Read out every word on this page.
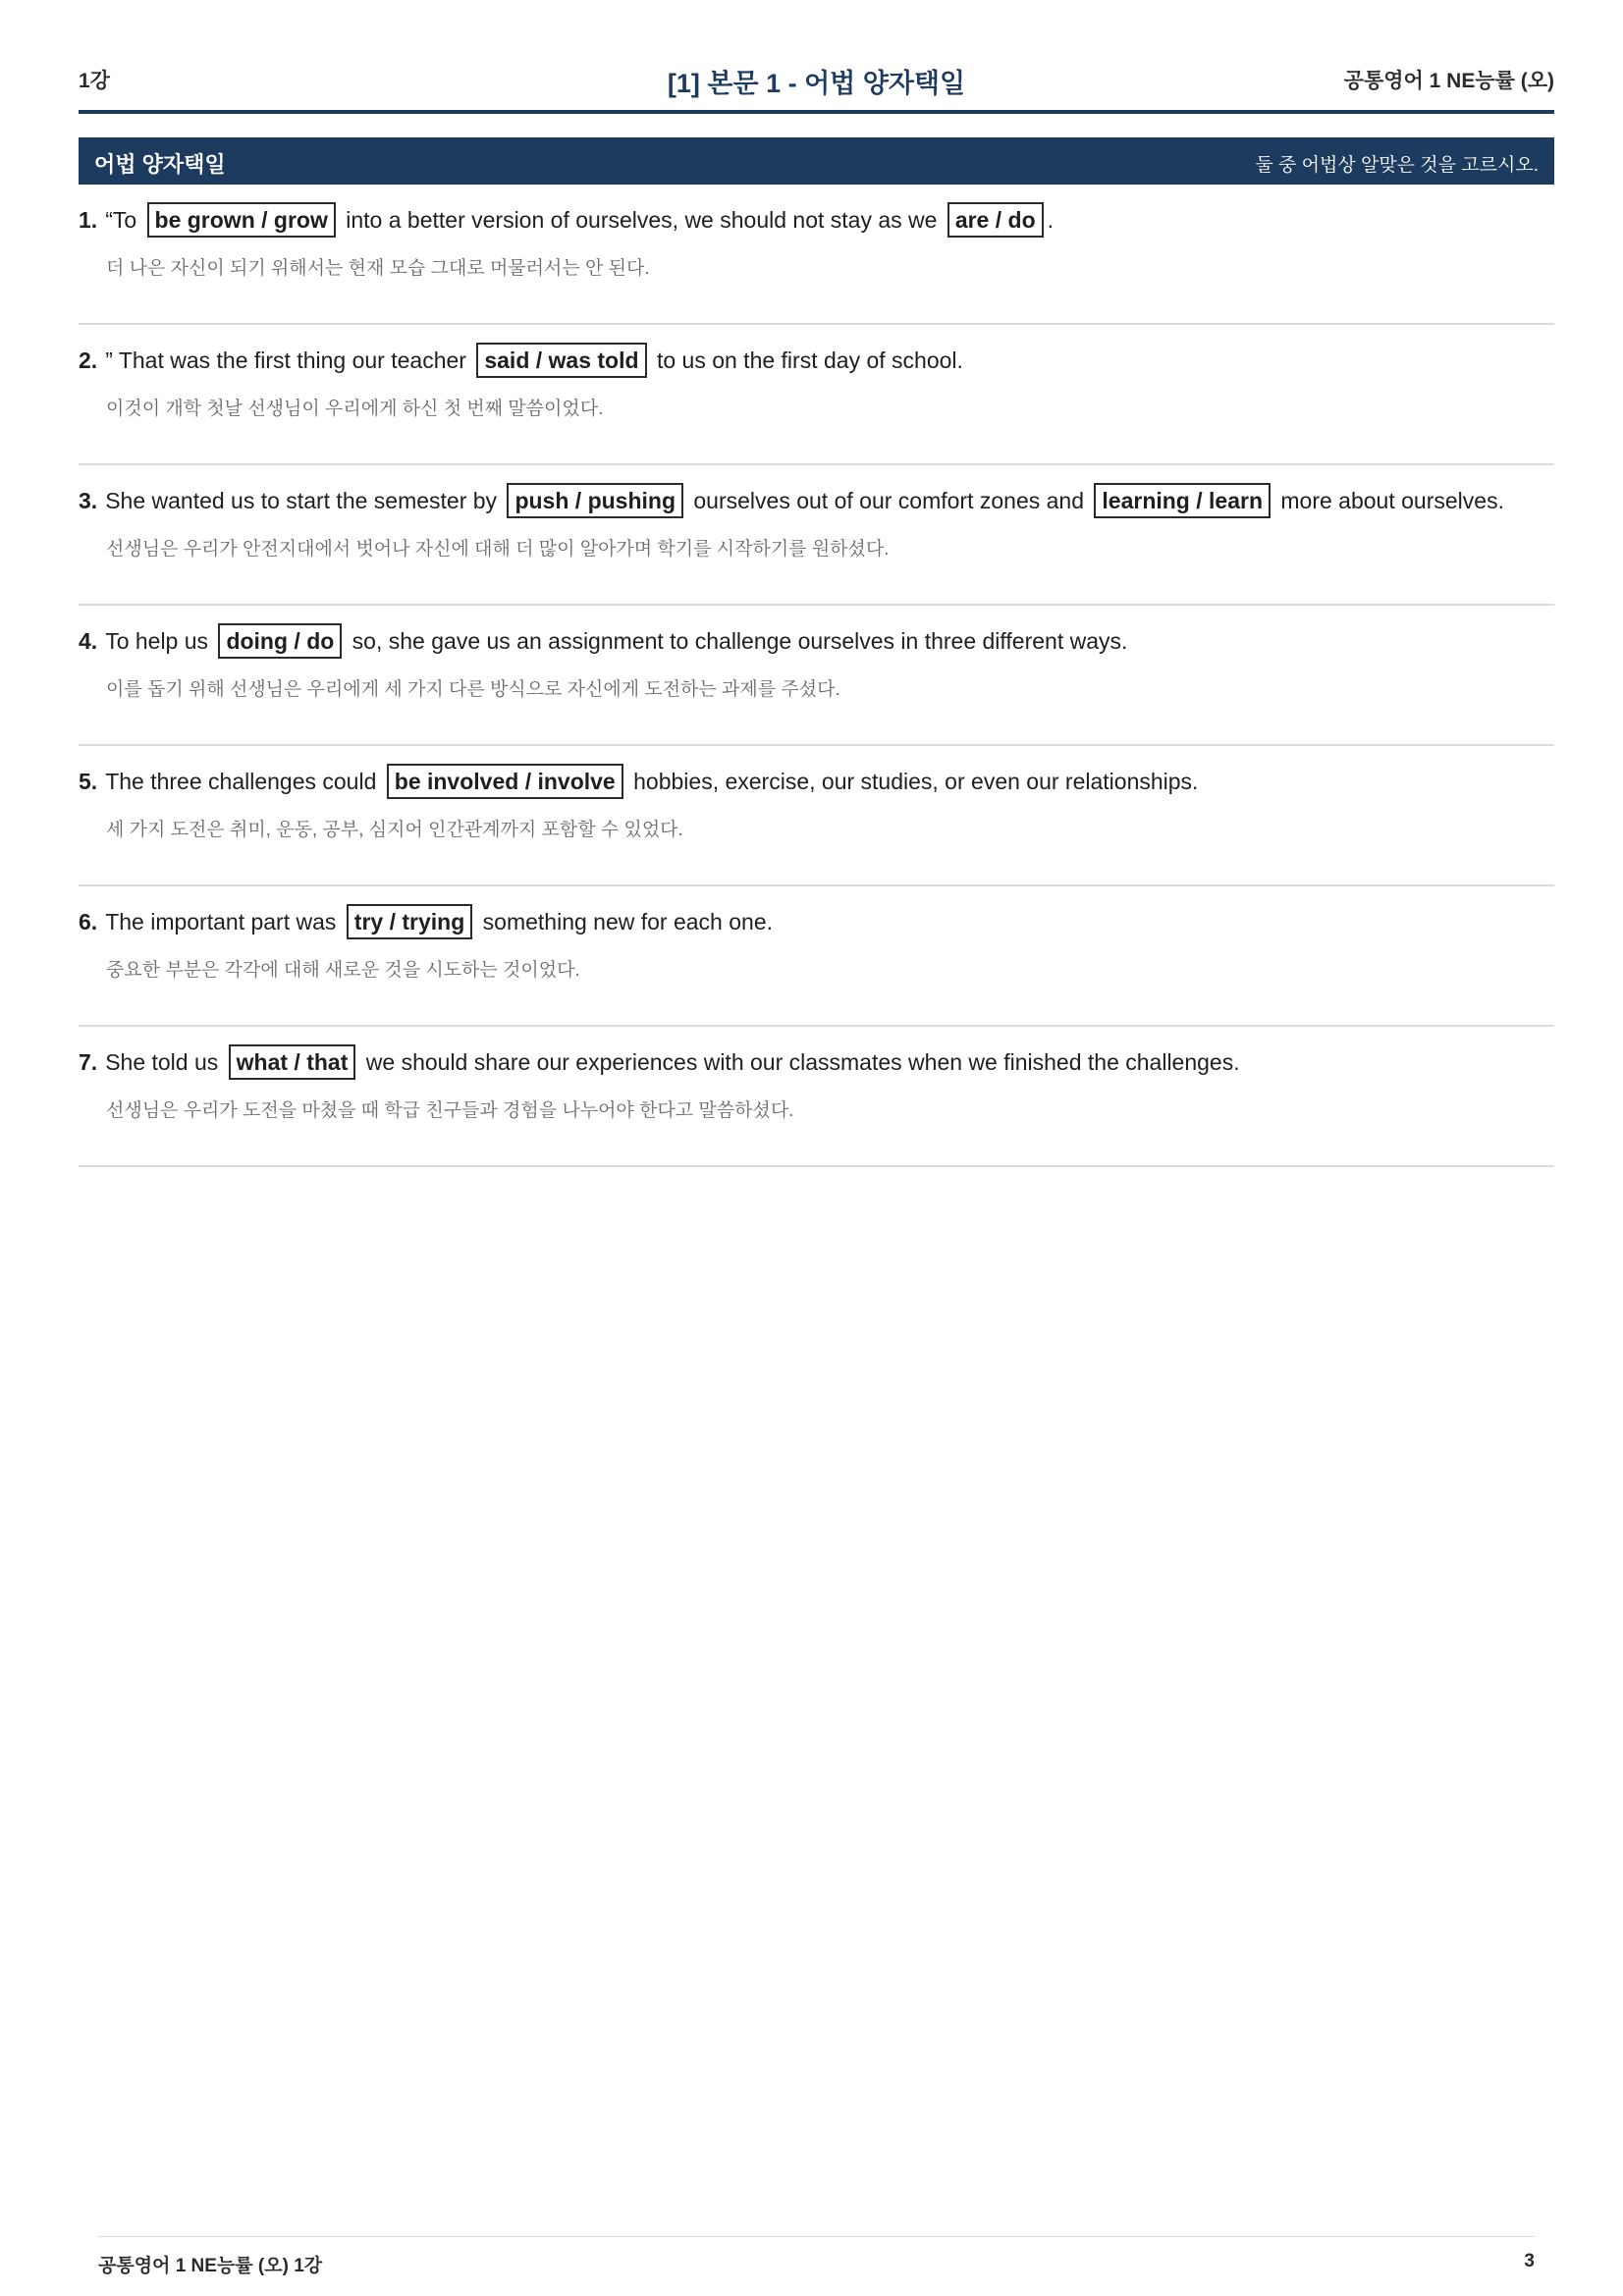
1강	[1] 본문 1 - 어법 양자택일	공통영어 1 NE능률 (오)
어법 양자택일	둘 중 어법상 알맞은 것을 고르시오.
1. “To be grown / grow into a better version of ourselves, we should not stay as we are / do .
더 나은 자신이 되기 위해서는 현재 모습 그대로 머물러서는 안 된다.
2. ” That was the first thing our teacher said / was told to us on the first day of school.
이것이 개학 첫날 선생님이 우리에게 하신 첫 번째 말씀이었다.
3. She wanted us to start the semester by push / pushing ourselves out of our comfort zones and learning / learn more about ourselves.
선생님은 우리가 안전지대에서 벗어나 자신에 대해 더 많이 알아가며 학기를 시작하기를 원하셨다.
4. To help us doing / do so, she gave us an assignment to challenge ourselves in three different ways.
이를 돕기 위해 선생님은 우리에게 세 가지 다른 방식으로 자신에게 도전하는 과제를 주셨다.
5. The three challenges could be involved / involve hobbies, exercise, our studies, or even our relationships.
세 가지 도전은 취미, 운동, 공부, 심지어 인간관계까지 포함할 수 있었다.
6. The important part was try / trying something new for each one.
중요한 부분은 각각에 대해 새로운 것을 시도하는 것이었다.
7. She told us what / that we should share our experiences with our classmates when we finished the challenges.
선생님은 우리가 도전을 마쳤을 때 학급 친구들과 경험을 나누어야 한다고 말씀하셨다.
공통영어 1 NE능률 (오) 1강	3
